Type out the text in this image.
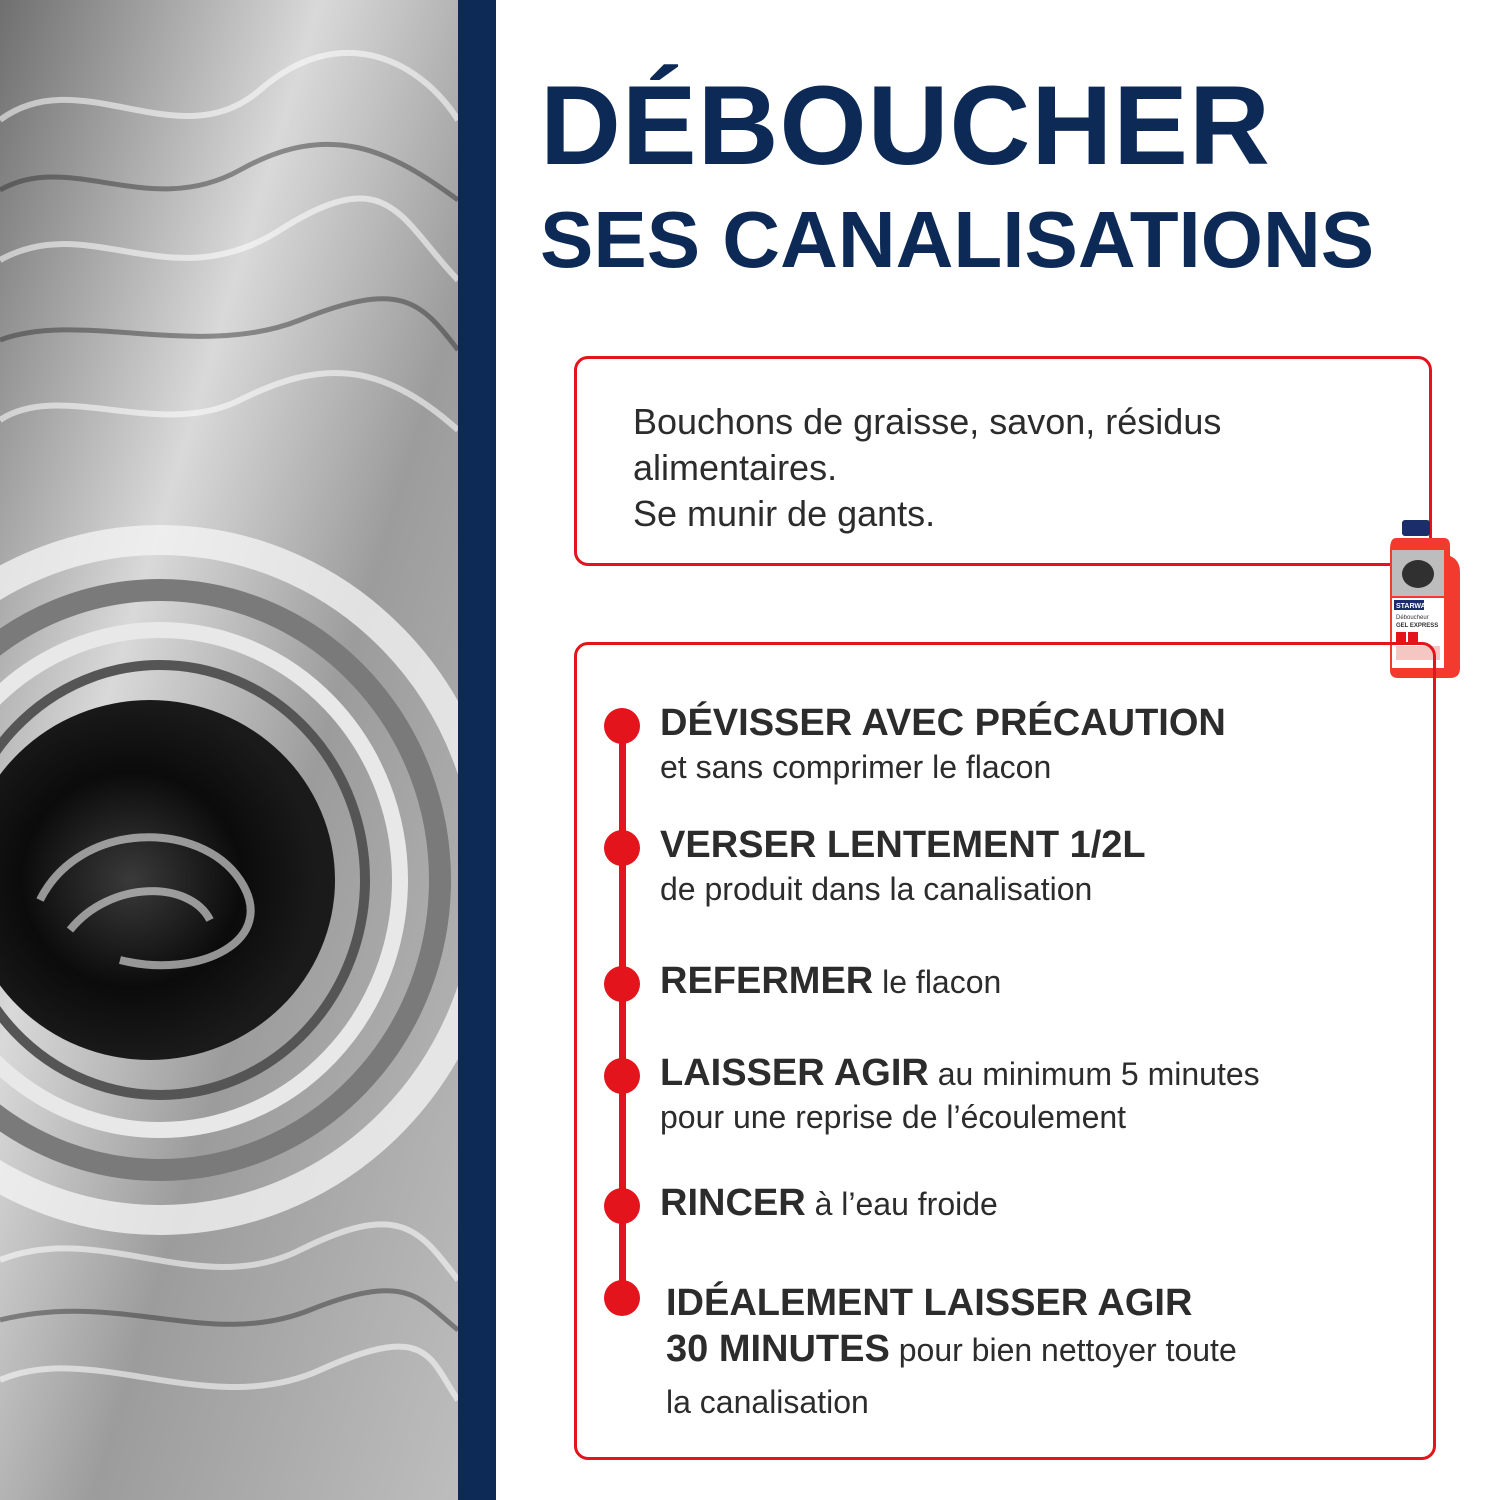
DÉBOUCHER
SES CANALISATIONS
Bouchons de graisse, savon, résidus
alimentaires.
Se munir de gants.
STARWAX
Déboucheur
GEL EXPRESS
DÉVISSER AVEC PRÉCAUTION
et sans comprimer le flacon
VERSER LENTEMENT 1/2L
de produit dans la canalisation
REFERMER le flacon
LAISSER AGIR au minimum 5 minutes
pour une reprise de l’écoulement
RINCER à l’eau froide
IDÉALEMENT LAISSER AGIR
30 MINUTES pour bien nettoyer toute
la canalisation
